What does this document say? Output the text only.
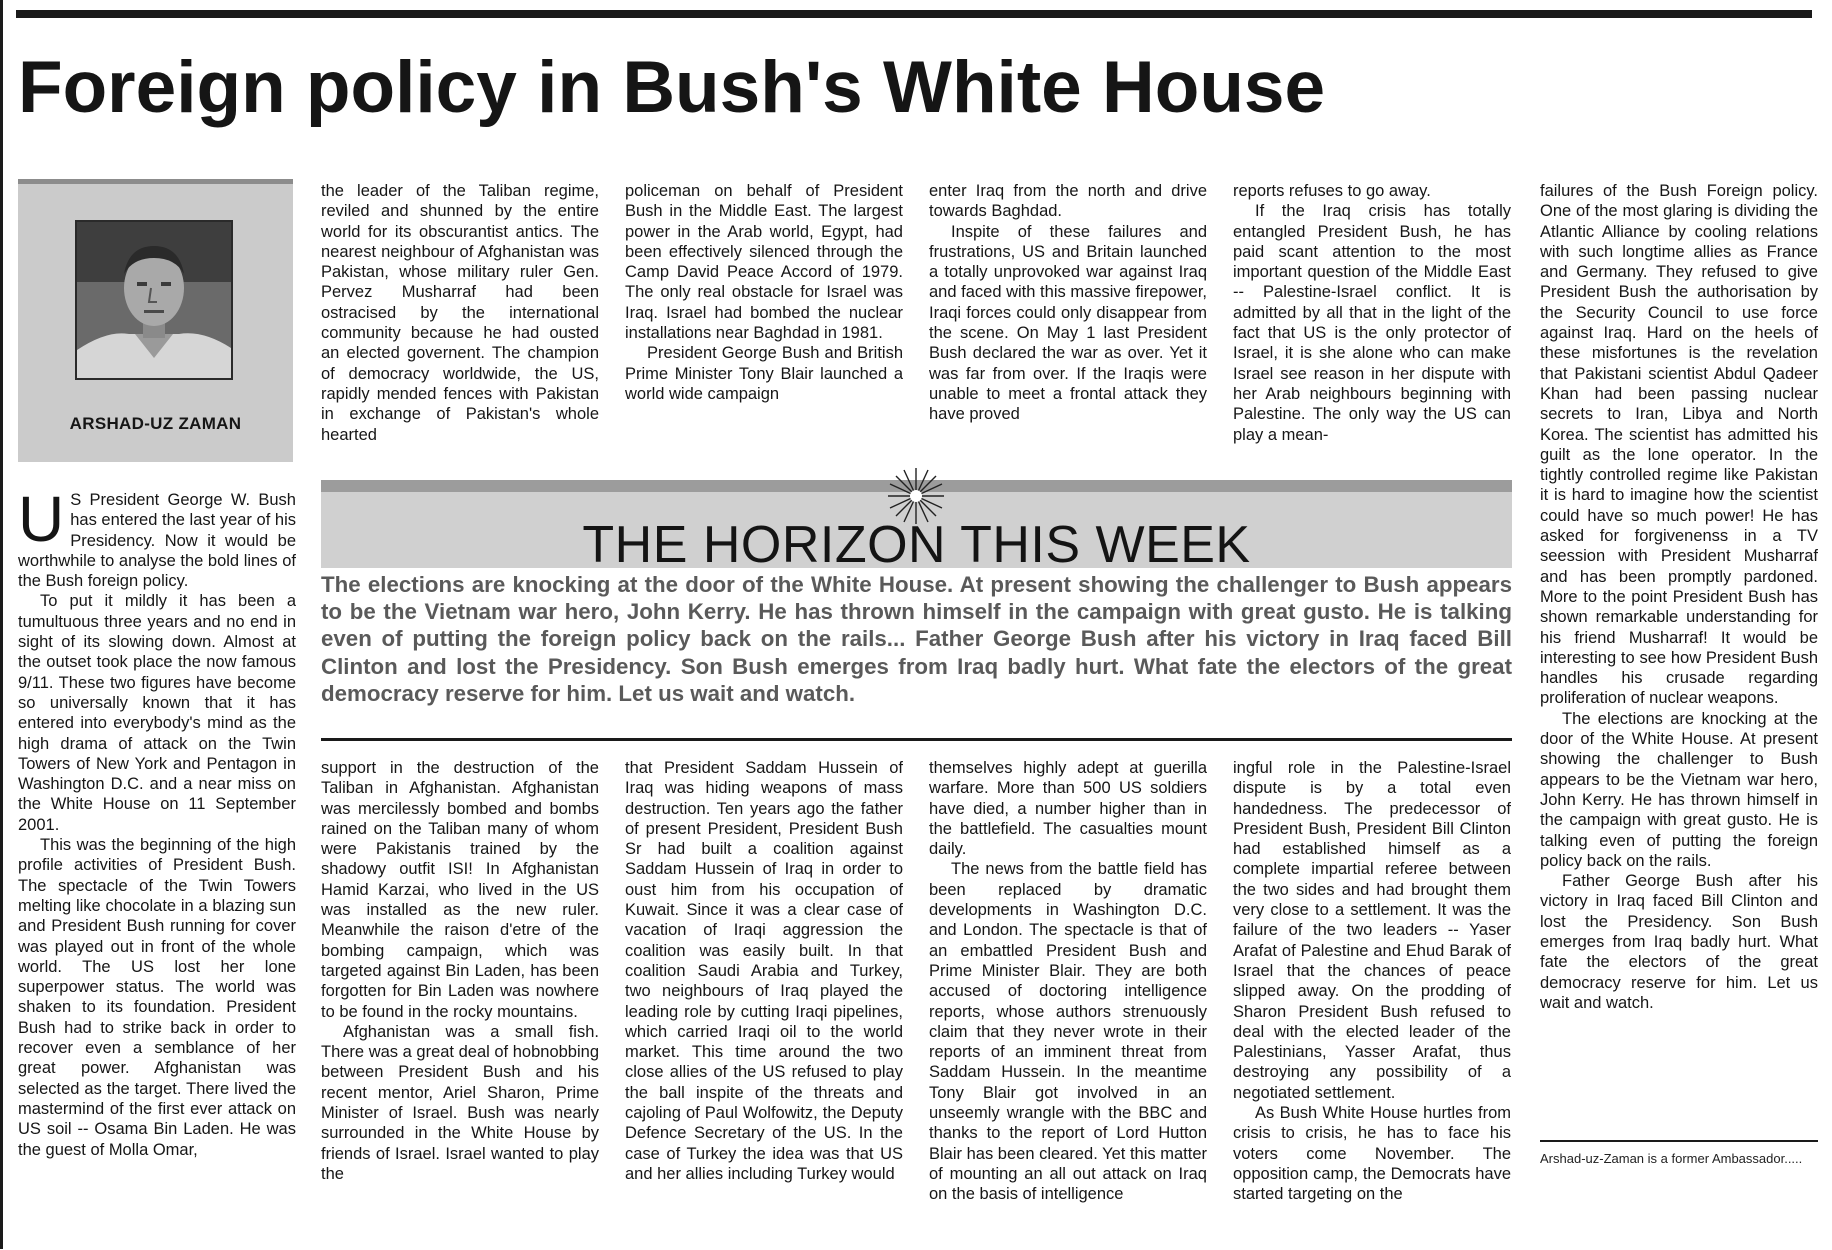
Foreign policy in Bush's White House
ARSHAD-UZ ZAMAN

U S President George W. Bush has entered the last year of his Presidency. Now it would be worthwhile to analyse the bold lines of the Bush foreign policy.

To put it mildly it has been a tumultuous three years and no end in sight of its slowing down. Almost at the outset took place the now famous 9/11. These two figures have become so universally known that it has entered into everybody's mind as the high drama of attack on the Twin Towers of New York and Pentagon in Washington D.C. and a near miss on the White House on 11 September 2001.

This was the beginning of the high profile activities of President Bush. The spectacle of the Twin Towers melting like chocolate in a blazing sun and President Bush running for cover was played out in front of the whole world. The US lost her lone superpower status. The world was shaken to its foundation. President Bush had to strike back in order to recover even a semblance of her great power. Afghanistan was selected as the target. There lived the mastermind of the first ever attack on US soil -- Osama Bin Laden. He was the guest of Molla Omar,

the leader of the Taliban regime, reviled and shunned by the entire world for its obscurantist antics. The nearest neighbour of Afghanistan was Pakistan, whose military ruler Gen. Pervez Musharraf had been ostracised by the international community because he had ousted an elected governent. The champion of democracy worldwide, the US, rapidly mended fences with Pakistan in exchange of Pakistan's whole hearted

policeman on behalf of President Bush in the Middle East. The largest power in the Arab world, Egypt, had been effectively silenced through the Camp David Peace Accord of 1979. The only real obstacle for Israel was Iraq. Israel had bombed the nuclear installations near Baghdad in 1981.

President George Bush and British Prime Minister Tony Blair launched a world wide campaign

enter Iraq from the north and drive towards Baghdad.

Inspite of these failures and frustrations, US and Britain launched a totally unprovoked war against Iraq and faced with this massive firepower, Iraqi forces could only disappear from the scene. On May 1 last President Bush declared the war as over. Yet it was far from over. If the Iraqis were unable to meet a frontal attack they have proved

reports refuses to go away.

If the Iraq crisis has totally entangled President Bush, he has paid scant attention to the most important question of the Middle East -- Palestine-Israel conflict. It is admitted by all that in the light of the fact that US is the only protector of Israel, it is she alone who can make Israel see reason in her dispute with her Arab neighbours beginning with Palestine. The only way the US can play a mean-

failures of the Bush Foreign policy. One of the most glaring is dividing the Atlantic Alliance by cooling relations with such longtime allies as France and Germany. They refused to give President Bush the authorisation by the Security Council to use force against Iraq. Hard on the heels of these misfortunes is the revelation that Pakistani scientist Abdul Qadeer Khan had been passing nuclear secrets to Iran, Libya and North Korea. The scientist has admitted his guilt as the lone operator. In the tightly controlled regime like Pakistan it is hard to imagine how the scientist could have so much power! He has asked for forgivenenss in a TV seession with President Musharraf and has been promptly pardoned. More to the point President Bush has shown remarkable understanding for his friend Musharraf! It would be interesting to see how President Bush handles his crusade regarding proliferation of nuclear weapons.

The elections are knocking at the door of the White House. At present showing the challenger to Bush appears to be the Vietnam war hero, John Kerry. He has thrown himself in the campaign with great gusto. He is talking even of putting the foreign policy back on the rails.

Father George Bush after his victory in Iraq faced Bill Clinton and lost the Presidency. Son Bush emerges from Iraq badly hurt. What fate the electors of the great democracy reserve for him. Let us wait and watch.

THE HORIZON THIS WEEK

The elections are knocking at the door of the White House. At present showing the challenger to Bush appears to be the Vietnam war hero, John Kerry. He has thrown himself in the campaign with great gusto. He is talking even of putting the foreign policy back on the rails... Father George Bush after his victory in Iraq faced Bill Clinton and lost the Presidency. Son Bush emerges from Iraq badly hurt. What fate the electors of the great democracy reserve for him. Let us wait and watch.

support in the destruction of the Taliban in Afghanistan. Afghanistan was mercilessly bombed and bombs rained on the Taliban many of whom were Pakistanis trained by the shadowy outfit ISI! In Afghanistan Hamid Karzai, who lived in the US was installed as the new ruler. Meanwhile the raison d'etre of the bombing campaign, which was targeted against Bin Laden, has been forgotten for Bin Laden was nowhere to be found in the rocky mountains.

Afghanistan was a small fish. There was a great deal of hobnobbing between President Bush and his recent mentor, Ariel Sharon, Prime Minister of Israel. Bush was nearly surrounded in the White House by friends of Israel. Israel wanted to play the

that President Saddam Hussein of Iraq was hiding weapons of mass destruction. Ten years ago the father of present President, President Bush Sr had built a coalition against Saddam Hussein of Iraq in order to oust him from his occupation of Kuwait. Since it was a clear case of vacation of Iraqi aggression the coalition was easily built. In that coalition Saudi Arabia and Turkey, two neighbours of Iraq played the leading role by cutting Iraqi pipelines, which carried Iraqi oil to the world market. This time around the two close allies of the US refused to play the ball inspite of the threats and cajoling of Paul Wolfowitz, the Deputy Defence Secretary of the US. In the case of Turkey the idea was that US and her allies including Turkey would

themselves highly adept at guerilla warfare. More than 500 US soldiers have died, a number higher than in the battlefield. The casualties mount daily.

The news from the battle field has been replaced by dramatic developments in Washington D.C. and London. The spectacle is that of an embattled President Bush and Prime Minister Blair. They are both accused of doctoring intelligence reports, whose authors strenuously claim that they never wrote in their reports of an imminent threat from Saddam Hussein. In the meantime Tony Blair got involved in an unseemly wrangle with the BBC and thanks to the report of Lord Hutton Blair has been cleared. Yet this matter of mounting an all out attack on Iraq on the basis of intelligence

ingful role in the Palestine-Israel dispute is by a total even handedness. The predecessor of President Bush, President Bill Clinton had established himself as a complete impartial referee between the two sides and had brought them very close to a settlement. It was the failure of the two leaders -- Yaser Arafat of Palestine and Ehud Barak of Israel that the chances of peace slipped away. On the prodding of Sharon President Bush refused to deal with the elected leader of the Palestinians, Yasser Arafat, thus destroying any possibility of a negotiated settlement.

As Bush White House hurtles from crisis to crisis, he has to face his voters come November. The opposition camp, the Democrats have started targeting on the

Arshad-uz-Zaman is a former Ambassador.....
